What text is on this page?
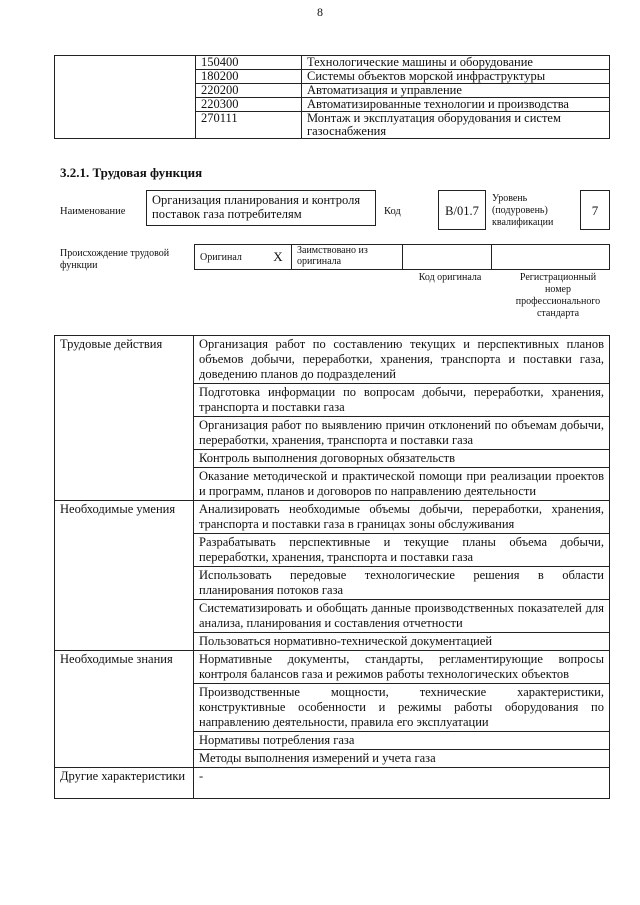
8
	150400	Технологические машины и оборудование
	180200	Системы объектов морской инфраструктуры
	220200	Автоматизация и управление
	220300	Автоматизированные технологии и производства
	270111	Монтаж и эксплуатация оборудования и систем газоснабжения
3.2.1. Трудовая функция
Наименование
Организация планирования и контроля поставок газа потребителям	Код	B/01.7
Уровень (подуровень) квалификации
7
Происхождение трудовой функции
Оригинал	X	Заимствовано из оригинала		
Код оригинала	Регистрационный номер профессионального стандарта
Трудовые действия	Организация работ по составлению текущих и перспективных планов объемов добычи, переработки, хранения, транспорта и поставки газа, доведению планов до подразделений
	Подготовка информации по вопросам добычи, переработки, хранения, транспорта и поставки газа
	Организация работ по выявлению причин отклонений по объемам добычи, переработки, хранения, транспорта и поставки газа
	Контроль выполнения договорных обязательств
	Оказание методической и практической помощи при реализации проектов и программ, планов и договоров по направлению деятельности
Необходимые умения	Анализировать необходимые объемы добычи, переработки, хранения, транспорта и поставки газа в границах зоны обслуживания
	Разрабатывать перспективные и текущие планы объема добычи, переработки, хранения, транспорта и поставки газа
	Использовать передовые технологические решения в области планирования потоков газа
	Систематизировать и обобщать данные производственных показателей для анализа, планирования и составления отчетности
	Пользоваться нормативно-технической документацией
Необходимые знания	Нормативные документы, стандарты, регламентирующие вопросы контроля балансов газа и режимов работы технологических объектов
	Производственные мощности, технические характеристики, конструктивные особенности и режимы работы оборудования по направлению деятельности, правила его эксплуатации
	Нормативы потребления газа
	Методы выполнения измерений и учета газа
Другие характеристики	-
